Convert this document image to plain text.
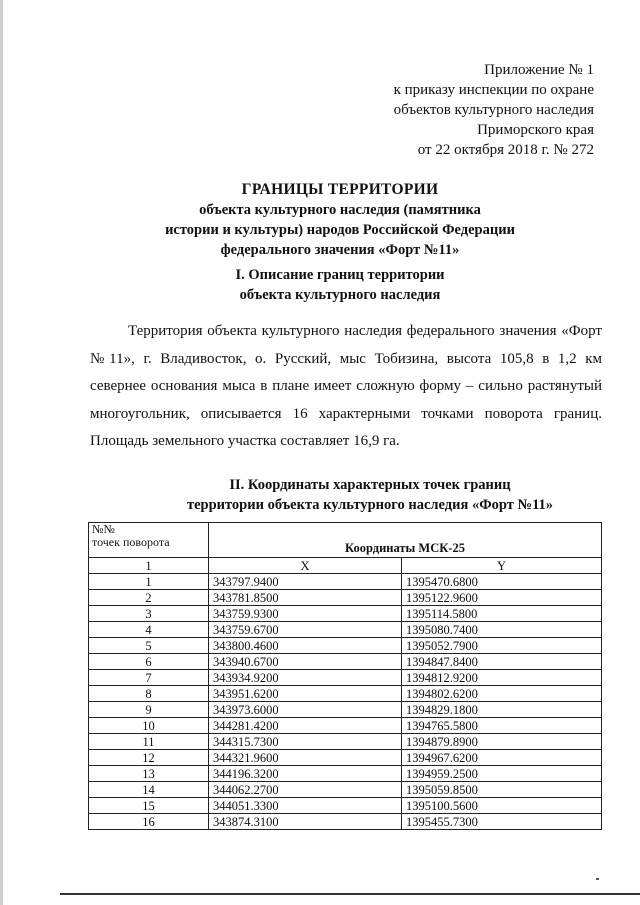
Приложение № 1
к приказу инспекции по охране
объектов культурного наследия
Приморского края
от 22 октября 2018 г. № 272
ГРАНИЦЫ ТЕРРИТОРИИ
объекта культурного наследия (памятника
истории и культуры) народов Российской Федерации
федерального значения «Форт №11»
I. Описание границ территории
объекта культурного наследия

Территория объекта культурного наследия федерального значения «Форт №11», г. Владивосток, о. Русский, мыс Тобизина, высота 105,8 в 1,2 км севернее основания мыса в плане имеет сложную форму – сильно растянутый многоугольник, описывается 16 характерными точками поворота границ. Площадь земельного участка составляет 16,9 га.

II. Координаты характерных точек границ
территории объекта культурного наследия «Форт №11»
№№
точек поворота	Координаты МСК-25	
1	X	Y
1	343797.9400	1395470.6800
2	343781.8500	1395122.9600
3	343759.9300	1395114.5800
4	343759.6700	1395080.7400
5	343800.4600	1395052.7900
6	343940.6700	1394847.8400
7	343934.9200	1394812.9200
8	343951.6200	1394802.6200
9	343973.6000	1394829.1800
10	344281.4200	1394765.5800
11	344315.7300	1394879.8900
12	344321.9600	1394967.6200
13	344196.3200	1394959.2500
14	344062.2700	1395059.8500
15	344051.3300	1395100.5600
16	343874.3100	1395455.7300
